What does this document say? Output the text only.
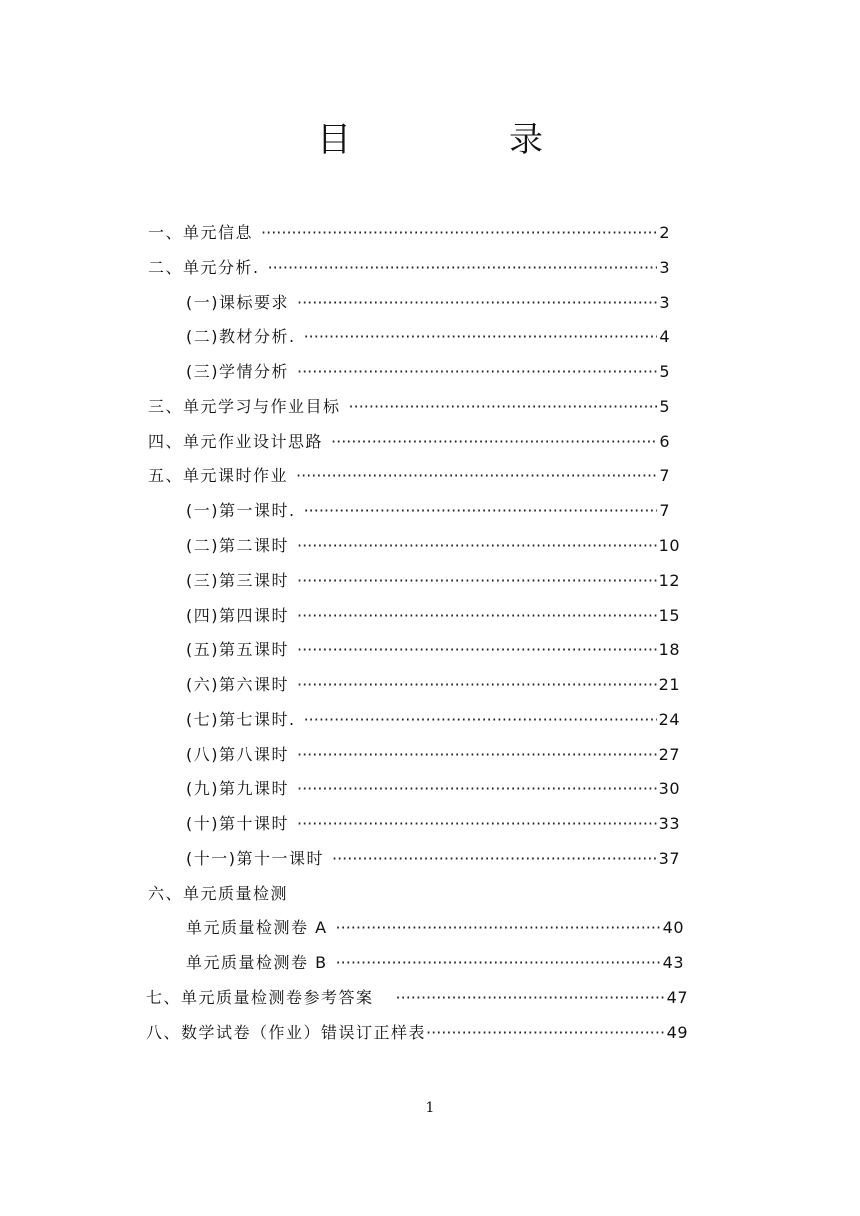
目　录
一、单元信息 ·····	2
二、单元分析. ·····	3
(一)课标要求 ·····	3
(二)教材分析. ·····	4
(三)学情分析 ·····	5
三、单元学习与作业目标 ·····	5
四、单元作业设计思路 ·····	6
五、单元课时作业 ·····	7
(一)第一课时. ·····	7
(二)第二课时 ·····	10
(三)第三课时 ·····	12
(四)第四课时 ·····	15
(五)第五课时 ·····	18
(六)第六课时 ·····	21
(七)第七课时. ·····	24
(八)第八课时 ·····	27
(九)第九课时 ·····	30
(十)第十课时 ·····	33
(十一)第十一课时 ·····	37
六、单元质量检测
单元质量检测卷 A ·····	40
单元质量检测卷 B ·····	43
七、单元质量检测卷参考答案 ·····	47
八、数学试卷（作业）错误订正样表 ·····	49
1
